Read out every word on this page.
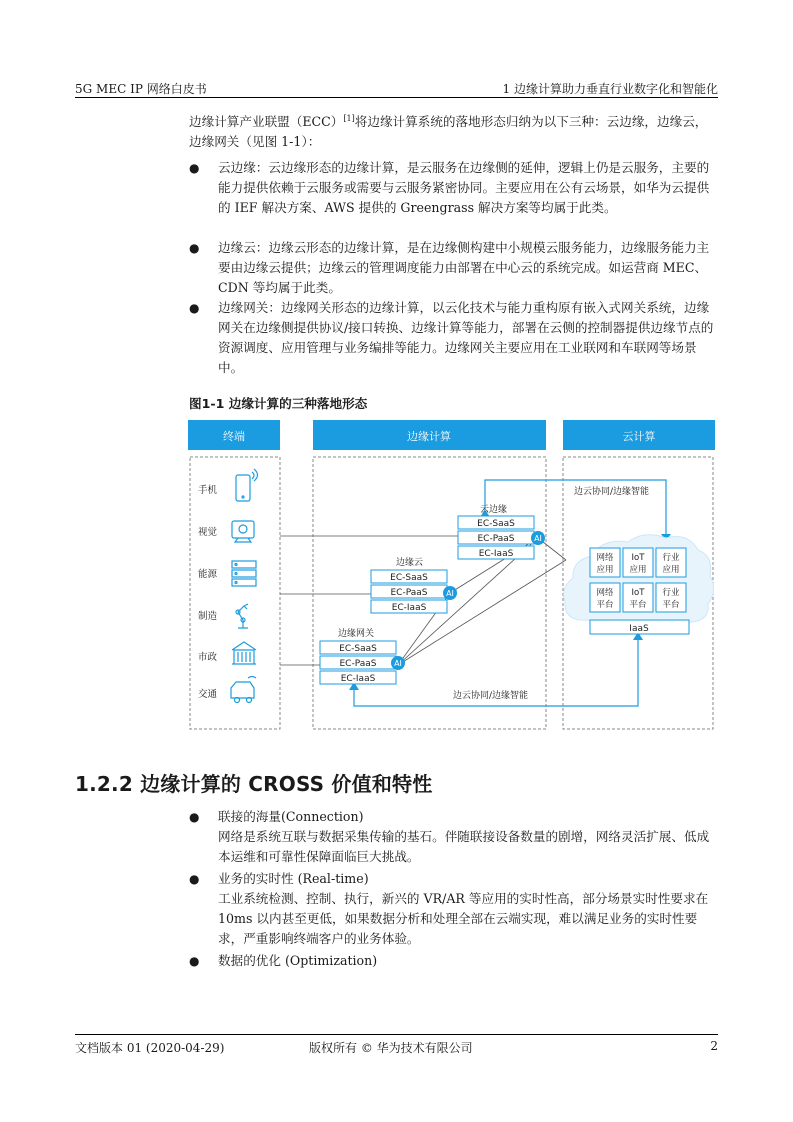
5G MEC IP 网络白皮书	1 边缘计算助力垂直行业数字化和智能化

边缘计算产业联盟（ECC）[1]将边缘计算系统的落地形态归纳为以下三种：云边缘，边缘云，边缘网关（见图 1-1）：

● 云边缘：云边缘形态的边缘计算，是云服务在边缘侧的延伸，逻辑上仍是云服务，主要的能力提供依赖于云服务或需要与云服务紧密协同。主要应用在公有云场景，如华为云提供的 IEF 解决方案、AWS 提供的 Greengrass 解决方案等均属于此类。

● 边缘云：边缘云形态的边缘计算，是在边缘侧构建中小规模云服务能力，边缘服务能力主要由边缘云提供；边缘云的管理调度能力由部署在中心云的系统完成。如运营商 MEC、CDN 等均属于此类。

● 边缘网关：边缘网关形态的边缘计算，以云化技术与能力重构原有嵌入式网关系统，边缘网关在边缘侧提供协议/接口转换、边缘计算等能力，部署在云侧的控制器提供边缘节点的资源调度、应用管理与业务编排等能力。边缘网关主要应用在工业联网和车联网等场景中。

图1-1 边缘计算的三种落地形态
终端	边缘计算	云计算
手机
视觉
能源
制造
市政
交通
边云协同/边缘智能
边云协同/边缘智能
云边缘
EC-SaaS
EC-PaaS
EC-IaaS
AI
边缘云
EC-SaaS
EC-PaaS
EC-IaaS
AI
边缘网关
EC-SaaS
EC-PaaS
EC-IaaS
AI
网络
应用
IoT
应用
行业
应用
网络
平台
IoT
平台
行业
平台
IaaS
1.2.2 边缘计算的 CROSS 价值和特性

● 联接的海量(Connection)

网络是系统互联与数据采集传输的基石。伴随联接设备数量的剧增，网络灵活扩展、低成本运维和可靠性保障面临巨大挑战。

● 业务的实时性 (Real-time)

工业系统检测、控制、执行，新兴的 VR/AR 等应用的实时性高，部分场景实时性要求在 10ms 以内甚至更低，如果数据分析和处理全部在云端实现，难以满足业务的实时性要求，严重影响终端客户的业务体验。

● 数据的优化 (Optimization)

文档版本 01 (2020-04-29)	版权所有 © 华为技术有限公司	2
